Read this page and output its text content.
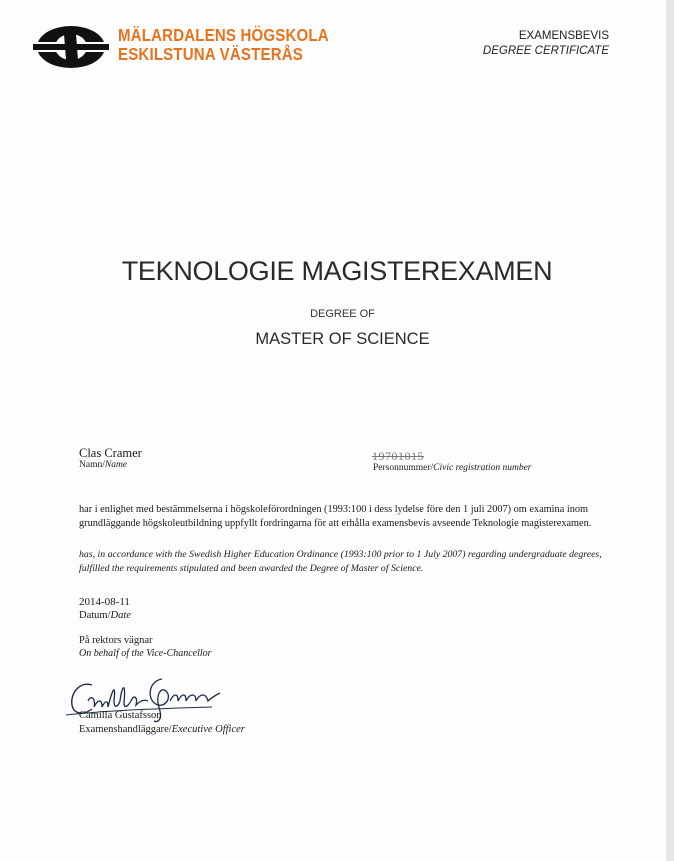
MÄLARDALENS HÖGSKOLA
ESKILSTUNA VÄSTERÅS
EXAMENSBEVIS
DEGREE CERTIFICATE
TEKNOLOGIE MAGISTEREXAMEN
DEGREE OF
MASTER OF SCIENCE
Clas Cramer
Namn/Name
19701015
Personnummer/Civic registration number
har i enlighet med bestämmelserna i högskoleförordningen (1993:100 i dess lydelse före den 1 juli 2007) om examina inom grundläggande högskoleutbildning uppfyllt fordringarna för att erhålla examensbevis avseende Teknologie magisterexamen.
has, in accordance with the Swedish Higher Education Ordinance (1993:100 prior to 1 July 2007) regarding undergraduate degrees, fulfilled the requirements stipulated and been awarded the Degree of Master of Science.
2014-08-11
Datum/Date
På rektors vägnar
On behalf of the Vice-Chancellor
Camilla Gustafsson
Examenshandläggare/Executive Officer
